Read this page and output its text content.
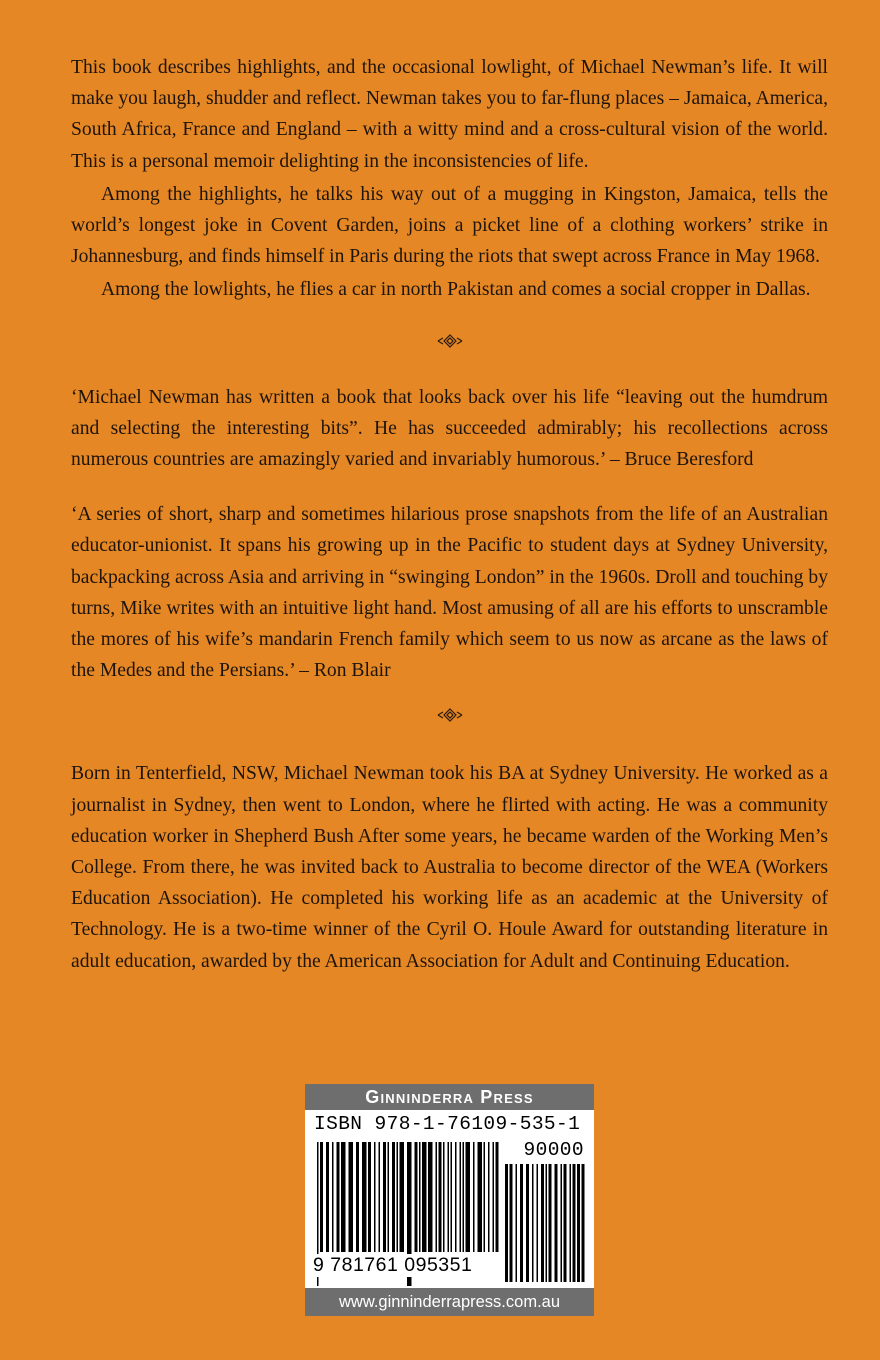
This book describes highlights, and the occasional lowlight, of Michael Newman’s life. It will make you laugh, shudder and reflect. Newman takes you to far-flung places – Jamaica, America, South Africa, France and England – with a witty mind and a cross-cultural vision of the world. This is a personal memoir delighting in the inconsistencies of life.

Among the highlights, he talks his way out of a mugging in Kingston, Jamaica, tells the world’s longest joke in Covent Garden, joins a picket line of a clothing workers’ strike in Johannesburg, and finds himself in Paris during the riots that swept across France in May 1968.

Among the lowlights, he flies a car in north Pakistan and comes a social cropper in Dallas.

‘Michael Newman has written a book that looks back over his life “leaving out the humdrum and selecting the interesting bits”. He has succeeded admirably; his recollections across numerous countries are amazingly varied and invariably humorous.’ – Bruce Beresford

‘A series of short, sharp and sometimes hilarious prose snapshots from the life of an Australian educator-unionist. It spans his growing up in the Pacific to student days at Sydney University, backpacking across Asia and arriving in “swinging London” in the 1960s. Droll and touching by turns, Mike writes with an intuitive light hand. Most amusing of all are his efforts to unscramble the mores of his wife’s mandarin French family which seem to us now as arcane as the laws of the Medes and the Persians.’ – Ron Blair

Born in Tenterfield, NSW, Michael Newman took his BA at Sydney University. He worked as a journalist in Sydney, then went to London, where he flirted with acting. He was a community education worker in Shepherd Bush After some years, he became warden of the Working Men’s College. From there, he was invited back to Australia to become director of the WEA (Workers Education Association). He completed his working life as an academic at the University of Technology. He is a two-time winner of the Cyril O. Houle Award for outstanding literature in adult education, awarded by the American Association for Adult and Continuing Education.

Ginninderra Press
ISBN 978-1-76109-535-1
90000
9 781761 095351
www.ginninderrapress.com.au
